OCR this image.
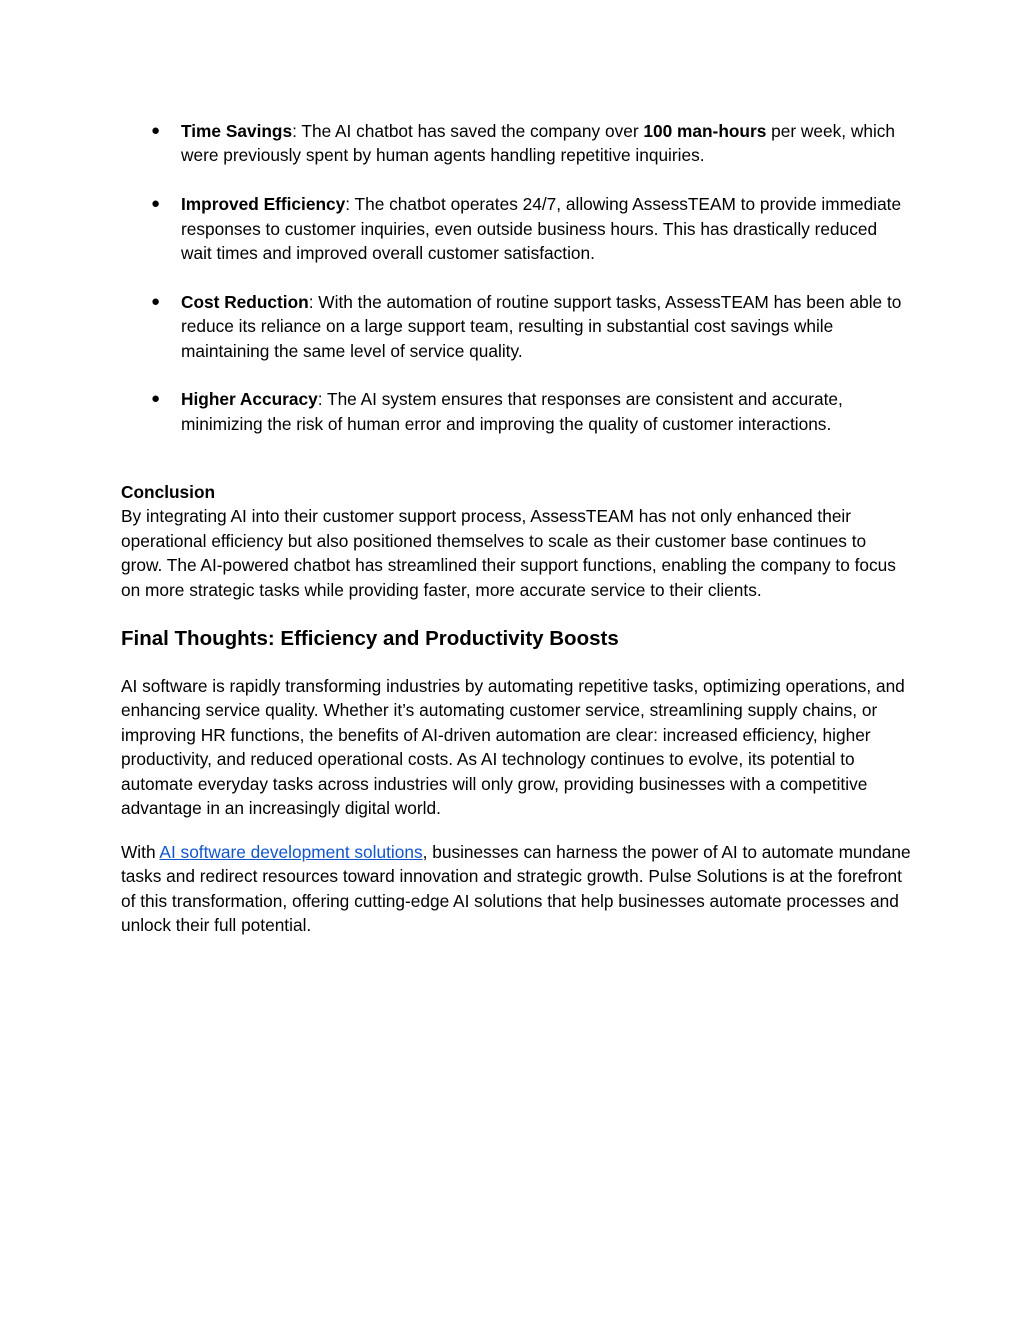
● Time Savings: The AI chatbot has saved the company over 100 man-hours per week, which were previously spent by human agents handling repetitive inquiries.
● Improved Efficiency: The chatbot operates 24/7, allowing AssessTEAM to provide immediate responses to customer inquiries, even outside business hours. This has drastically reduced wait times and improved overall customer satisfaction.
● Cost Reduction: With the automation of routine support tasks, AssessTEAM has been able to reduce its reliance on a large support team, resulting in substantial cost savings while maintaining the same level of service quality.
● Higher Accuracy: The AI system ensures that responses are consistent and accurate, minimizing the risk of human error and improving the quality of customer interactions.

Conclusion

By integrating AI into their customer support process, AssessTEAM has not only enhanced their operational efficiency but also positioned themselves to scale as their customer base continues to grow. The AI-powered chatbot has streamlined their support functions, enabling the company to focus on more strategic tasks while providing faster, more accurate service to their clients.

Final Thoughts: Efficiency and Productivity Boosts

AI software is rapidly transforming industries by automating repetitive tasks, optimizing operations, and enhancing service quality. Whether it’s automating customer service, streamlining supply chains, or improving HR functions, the benefits of AI-driven automation are clear: increased efficiency, higher productivity, and reduced operational costs. As AI technology continues to evolve, its potential to automate everyday tasks across industries will only grow, providing businesses with a competitive advantage in an increasingly digital world.

With AI software development solutions, businesses can harness the power of AI to automate mundane tasks and redirect resources toward innovation and strategic growth. Pulse Solutions is at the forefront of this transformation, offering cutting-edge AI solutions that help businesses automate processes and unlock their full potential.
